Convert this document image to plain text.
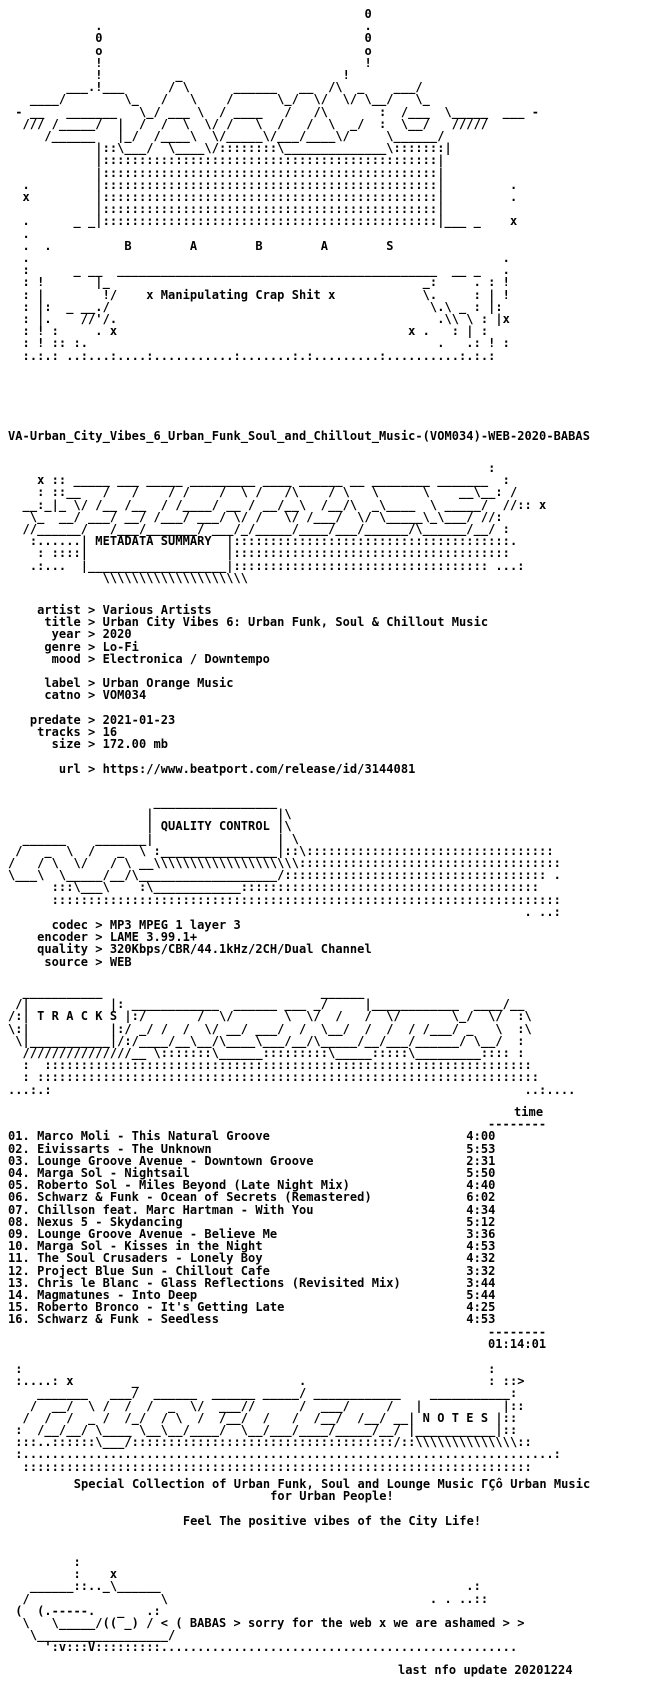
0
.                                    .
0                                    0
o                                    o
!                                    !
!          _                      !
___.!___      / \      ______   __  /\  _    ___/
____/        \_   /   \    /      \_/  \/  \/ \__/   \_
- __   _______   \_/ ___ \  / ____   /   /\       :  /___  \_____  ___ -
/// /_____/  |  /  /  \  \/ /   \  /   /  \  _/  :  \__/   /////
/______   |_/  /____\  \/_____\/___/____\/     \______/
|::\___/  \____\/::::::::\______________\:::::::|
|::::::::::::::::::::::::::::::::::::::::::::::|
|::::::::::::::::::::::::::::::::::::::::::::::|
.         |::::::::::::::::::::::::::::::::::::::::::::::|         .
x         |::::::::::::::::::::::::::::::::::::::::::::::|         .
|::::::::::::::::::::::::::::::::::::::::::::::|
.      _ _|::::::::::::::::::::::::::::::::::::::::::::::|___ _    x
.
.  .          B        A        B        A        S
.                                                                 .
:      _ __  ____________________________________________  __ _   .
: !       |_                                           _:     . : !
: |        !/    x Manipulating Crap Shit x            \.     : | !
: |:  _ __./                                            \.\ _ : |:
: |.    //'/.                                            .\\ \ : |x
: ! :     . x                                        x .   : | :
: ! :: :.                                                .   .: ! :
:.:.: ..:...:....:...........:.......:.:.........:..........:.:.:
VA-Urban_City_Vibes_6_Urban_Funk_Soul_and_Chillout_Music-(VOM034)-WEB-2020-BABAS
:
x :: _____ ___ _____ _________ ____ ______ __ ________ _______  :
: ::__   /   /    / /    /  \ /   /\    / \   \      \    __\__: /
__:_|_ \/ /__ /__  / /____/ __ / __/__\  /__/\  _\____  \ _____/  //:: x
\_  __/ ___/ __/ /___/ ___/ \/ /   \/ /___/  \/ \_____\_\___/ //:
//______/   /___/_______/ ___/_/_____/____/___/______/\______/__/ :
:......| METADATA SUMMARY  |::::::::::::::::::::::::::::::::::::::.
: ::::|                   |::::::::::::::::::::::::::::::::::::::
.:...  |___________________|::::::::::::::::::::::::::::::::::: ...:
\\\\\\\\\\\\\\\\\\\\
artist > Various Artists
title > Urban City Vibes 6: Urban Funk, Soul & Chillout Music
year > 2020
genre > Lo-Fi
mood > Electronica / Downtempo

label > Urban Orange Music
catno > VOM034

predate > 2021-01-23
tracks > 16
size > 172.00 mb

url > https://www.beatport.com/release/id/3144081
_________________
|                 |\
| QUALITY CONTROL |\
______    _______|                 | \
/   _  \  /   _  \ :________________|::\::::::::::::::::::::::::::::::::::
/   / \  \/   / \ __\\\\\\\\\\\\\\\\\\\\::::::::::::::::::::::::::::::::::::
\___\  \_____/__/\___________________/:::::::::::::::::::::::::::::::::::: .
:::\___\    :\____________:::::::::::::::::::::::::::::::::::::::::
::::::::::::::::::::::::::::::::::::::::::::::::::::::::::::::::::::::
. ..:
codec > MP3 MPEG 1 layer 3
encoder > LAME 3.99.1+
quality > 320Kbps/CBR/44.1kHz/2CH/Dual Channel
source > WEB
___________                              ______
/|           |: ____________  ______ ___ _/     |____________  ____/__
/:| T R A C K S |:/       /  \/       \  \/  /   /  \/       \_/  \/  :\
\:|           |:/ _/ /  /  \/ __/ ___/  /  \__/  /  /  / /___/ _   \  :\
\|___________|/:/____/__\__/\____\___/__/\_____/__/___/______/ \__/  :
///////////////__ \:::::::\______:::::::::\_____:::::\_________:::: :
:  :::::::::::::::::::::::::::::::::::::::::::::::::::::::::::::::::::
: :::::::::::::::::::::::::::::::::::::::::::::::::::::::::::::::::::::
...:.:                                                                 ..:....
time
--------

01. Marco Moli - This Natural Groove                           4:00
02. Eivissarts - The Unknown                                   5:53
03. Lounge Groove Avenue - Downtown Groove                     2:31
04. Marga Sol - Nightsail                                      5:50
05. Roberto Sol - Miles Beyond (Late Night Mix)                4:40
06. Schwarz & Funk - Ocean of Secrets (Remastered)             6:02
07. Chillson feat. Marc Hartman - With You                     4:34
08. Nexus 5 - Skydancing                                       5:12
09. Lounge Groove Avenue - Believe Me                          3:36
10. Marga Sol - Kisses in the Night                            4:53
11. The Soul Crusaders - Lonely Boy                            4:32
12. Project Blue Sun - Chillout Cafe                           3:32
13. Chris le Blanc - Glass Reflections (Revisited Mix)         3:44
14. Magmatunes - Into Deep                                     5:44
15. Roberto Bronco - It's Getting Late                         4:25
16. Schwarz & Funk - Seedless                                  4:53
--------
01:14:01
:                                                                :
:....: x        _                      .                         : ::>
_______   ___/  ______  ______ _____/ ____________    ___________:
/  __/  \ /  /  /  _  \/  ___//      /  ___/     /   |           |::
/  /  /  _ /  /_/  / \  /  /__/  /   /  /__/  /__/ __| N O T E S |::
:  /__/__/ \____ \__\__/____/  \__/___/____/_____/__/ |___________|::
:::..::::::\___/::::::::::::::::::::::::::::::::::::/::\\\\\\\\\\\\\\::
:.........................................................................:
::::::::::::::::::::::::::::::::::::::::::::::::::::::::::::::::::::::
Special Collection of Urban Funk, Soul and Lounge Music ΓÇô Urban Music
for Urban People!

Feel The positive vibes of the City Life!
:
:    x
______::.._\______                                          .:
/                  \                                    . . ..::
(  (.-----.   _   .:
\   \_____/(( _) / < ( BABAS > sorry for the web x we are ashamed > >
\__________________/
':v:::V:::::::::.................................................
last nfo update 20201224
